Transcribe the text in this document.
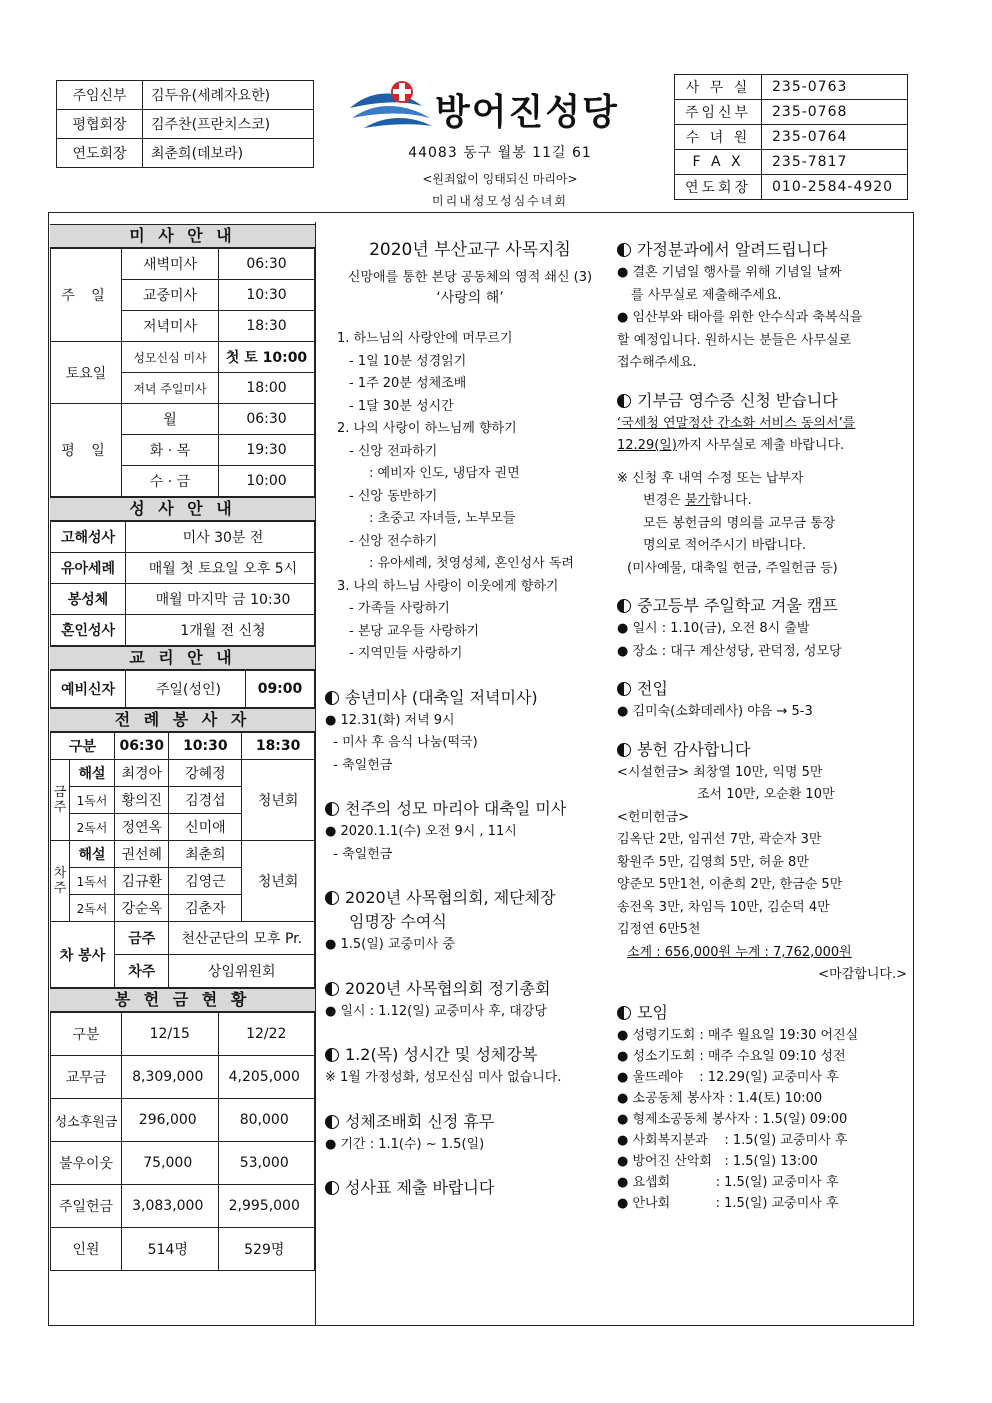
주임신부	김두유(세례자요한)
평협회장	김주찬(프란치스코)
연도회장	최춘희(데보라)
방어진성당
44083 동구 월봉 11길 61
<원죄없이 잉태되신 마리아>
미리내성모성심수녀회
사 무 실	235-0763
주임신부	235-0768
수 녀 원	235-0764
F A X	235-7817
연도회장	010-2584-4920
미 사 안 내
주 일	새벽미사	06:30
	교중미사	10:30
	저녁미사	18:30
토요일	성모신심 미사	첫 토 10:00
	저녁 주일미사	18:00
평 일	월	06:30
	화 · 목	19:30
	수 · 금	10:00
성 사 안 내
고해성사	미사 30분 전
유아세례	매월 첫 토요일 오후 5시
봉성체	매월 마지막 금 10:30
혼인성사	1개월 전 신청
교 리 안 내
예비신자	주일(성인)	09:00
전 례 봉 사 자
구분		06:30	10:30	18:30
금주	해설	최경아	강혜정	청년회
	1독서	황의진	김경섭	
	2독서	정연옥	신미애	
차주	해설	권선혜	최춘희	청년회
	1독서	김규환	김영근	
	2독서	강순옥	김춘자	
차 봉사		금주	천산군단의 모후 Pr.	
		차주	상임위원회	
봉 헌 금 현 황
구분	12/15	12/22
교무금	8,309,000	4,205,000
성소후원금	296,000	80,000
불우이웃	75,000	53,000
주일헌금	3,083,000	2,995,000
인원	514명	529명
2020년 부산교구 사목지침
신망애를 통한 본당 공동체의 영적 쇄신 (3)
‘사랑의 해’
1. 하느님의 사랑안에 머무르기
- 1일 10분 성경읽기
- 1주 20분 성체조배
- 1달 30분 성시간
2. 나의 사랑이 하느님께 향하기
- 신앙 전파하기
: 예비자 인도, 냉담자 권면
- 신앙 동반하기
: 초중고 자녀들, 노부모들
- 신앙 전수하기
: 유아세례, 첫영성체, 혼인성사 독려
3. 나의 하느님 사랑이 이웃에게 향하기
- 가족들 사랑하기
- 본당 교우들 사랑하기
- 지역민들 사랑하기
송년미사 (대축일 저녁미사)
● 12.31(화) 저녁 9시
- 미사 후 음식 나눔(떡국)
- 축일헌금
천주의 성모 마리아 대축일 미사
● 2020.1.1(수) 오전 9시 , 11시
- 축일헌금
2020년 사목협의회, 제단체장
임명장 수여식
● 1.5(일) 교중미사 중
2020년 사목협의회 정기총회
● 일시 : 1.12(일) 교중미사 후, 대강당
1.2(목) 성시간 및 성체강복
※ 1월 가정성화, 성모신심 미사 없습니다.
성체조배회 신정 휴무
● 기간 : 1.1(수) ~ 1.5(일)
성사표 제출 바랍니다
가정분과에서 알려드립니다
● 결혼 기념일 행사를 위해 기념일 날짜
를 사무실로 제출해주세요.
● 임산부와 태아를 위한 안수식과 축복식을
할 예정입니다. 원하시는 분들은 사무실로
접수해주세요.
기부금 영수증 신청 받습니다
‘국세청 연말정산 간소화 서비스 동의서’를
12.29(일)까지 사무실로 제출 바랍니다.
※ 신청 후 내역 수정 또는 납부자
변경은 불가합니다.
모든 봉헌금의 명의를 교무금 통장
명의로 적어주시기 바랍니다.
(미사예물, 대축일 헌금, 주일헌금 등)
중고등부 주일학교 겨울 캠프
● 일시 : 1.10(금), 오전 8시 출발
● 장소 : 대구 계산성당, 관덕정, 성모당
전입
● 김미숙(소화데레사) 야음 → 5-3
봉헌 감사합니다
<시설헌금> 최창열 10만, 익명 5만
조서 10만, 오순환 10만
<헌미헌금>
김옥단 2만, 임귀선 7만, 곽순자 3만
황원주 5만, 김영희 5만, 허윤 8만
양준모 5만1천, 이춘희 2만, 한금순 5만
송전옥 3만, 차임득 10만, 김순덕 4만
김정연 6만5천
소계 : 656,000원 누계 : 7,762,000원
<마감합니다.>
모임
● 성령기도회 : 매주 월요일 19:30 어진실
● 성소기도회 : 매주 수요일 09:10 성전
● 울뜨레야    : 12.29(일) 교중미사 후
● 소공동체 봉사자 : 1.4(토) 10:00
● 형제소공동체 봉사자 : 1.5(일) 09:00
● 사회복지분과    : 1.5(일) 교중미사 후
● 방어진 산악회   : 1.5(일) 13:00
● 요셉회           : 1.5(일) 교중미사 후
● 안나회           : 1.5(일) 교중미사 후
